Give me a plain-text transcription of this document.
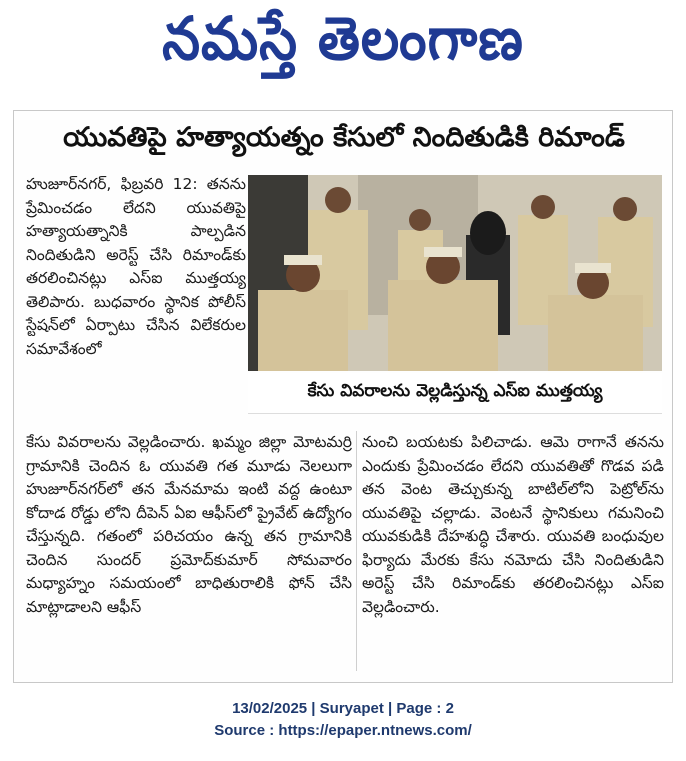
నమస్తే తెలంగాణ
యువతిపై హత్యాయత్నం కేసులో నిందితుడికి రిమాండ్
హుజూర్‌నగర్, ఫిబ్రవరి 12: తనను ప్రేమించడం లేదని యువతిపై హత్యాయత్నానికి పాల్పడిన నిందితుడిని అరెస్ట్ చేసి రిమాండ్‌కు తరలించినట్లు ఎస్ఐ ముత్తయ్య తెలిపారు. బుధవారం స్థానిక పోలీస్ స్టేషన్‌లో ఏర్పాటు చేసిన విలేకరుల సమావేశంలో
కేసు వివరాలను వెల్లడిస్తున్న ఎస్ఐ ముత్తయ్య
కేసు వివరాలను వెల్లడించారు. ఖమ్మం జిల్లా మోటమర్రి గ్రామానికి చెందిన ఓ యువతి గత మూడు నెలలుగా హుజూర్‌నగర్‌లో తన మేనమామ ఇంటి వద్ద ఉంటూ కోదాడ రోడ్డు లోని దీపెన్ ఏఐ ఆఫీస్‌లో ప్రైవేట్ ఉద్యోగం చేస్తున్నది. గతంలో పరిచయం ఉన్న తన గ్రామానికి చెందిన సుందర్ ప్రమోద్‌కుమార్ సోమవారం మధ్యాహ్నం సమయంలో బాధితురాలికి ఫోన్ చేసి మాట్లాడాలని ఆఫీస్
నుంచి బయటకు పిలిచాడు. ఆమె రాగానే తనను ఎందుకు ప్రేమించడం లేదని యువతితో గొడవ పడి తన వెంట తెచ్చుకున్న బాటిల్‌లోని పెట్రోల్‌ను యువతిపై చల్లాడు. వెంటనే స్థానికులు గమనించి యువకుడికి దేహశుద్ధి చేశారు. యువతి బంధువుల ఫిర్యాదు మేరకు కేసు నమోదు చేసి నిందితుడిని అరెస్ట్ చేసి రిమాండ్‌కు తరలించినట్లు ఎస్ఐ వెల్లడించారు.
13/02/2025 | Suryapet | Page : 2
Source : https://epaper.ntnews.com/
